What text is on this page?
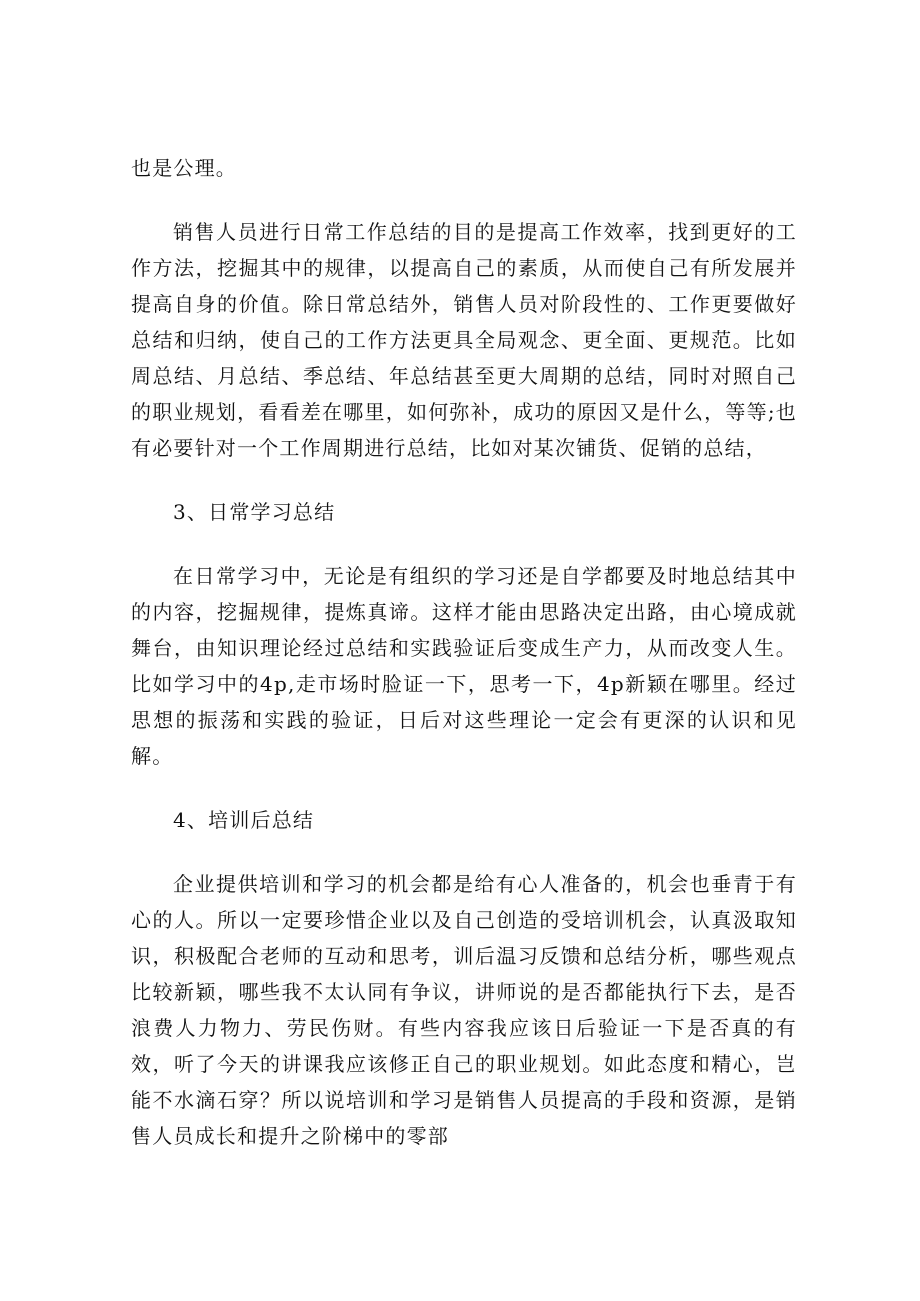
也是公理。

销售人员进行日常工作总结的目的是提高工作效率，找到更好的工作方法，挖掘其中的规律，以提高自己的素质，从而使自己有所发展并提高自身的价值。除日常总结外，销售人员对阶段性的、工作更要做好总结和归纳，使自己的工作方法更具全局观念、更全面、更规范。比如周总结、月总结、季总结、年总结甚至更大周期的总结，同时对照自己的职业规划，看看差在哪里，如何弥补，成功的原因又是什么，等等;也有必要针对一个工作周期进行总结，比如对某次铺货、促销的总结，

3、日常学习总结

在日常学习中，无论是有组织的学习还是自学都要及时地总结其中的内容，挖掘规律，提炼真谛。这样才能由思路决定出路，由心境成就舞台，由知识理论经过总结和实践验证后变成生产力，从而改变人生。比如学习中的4p,走市场时脸证一下，思考一下，4p新颖在哪里。经过思想的振荡和实践的验证，日后对这些理论一定会有更深的认识和见解。

4、培训后总结

企业提供培训和学习的机会都是给有心人准备的，机会也垂青于有心的人。所以一定要珍惜企业以及自己创造的受培训机会，认真汲取知识，积极配合老师的互动和思考，训后温习反馈和总结分析，哪些观点比较新颖，哪些我不太认同有争议，讲师说的是否都能执行下去，是否浪费人力物力、劳民伤财。有些内容我应该日后验证一下是否真的有效，听了今天的讲课我应该修正自己的职业规划。如此态度和精心，岂能不水滴石穿？所以说培训和学习是销售人员提高的手段和资源，是销售人员成长和提升之阶梯中的零部
